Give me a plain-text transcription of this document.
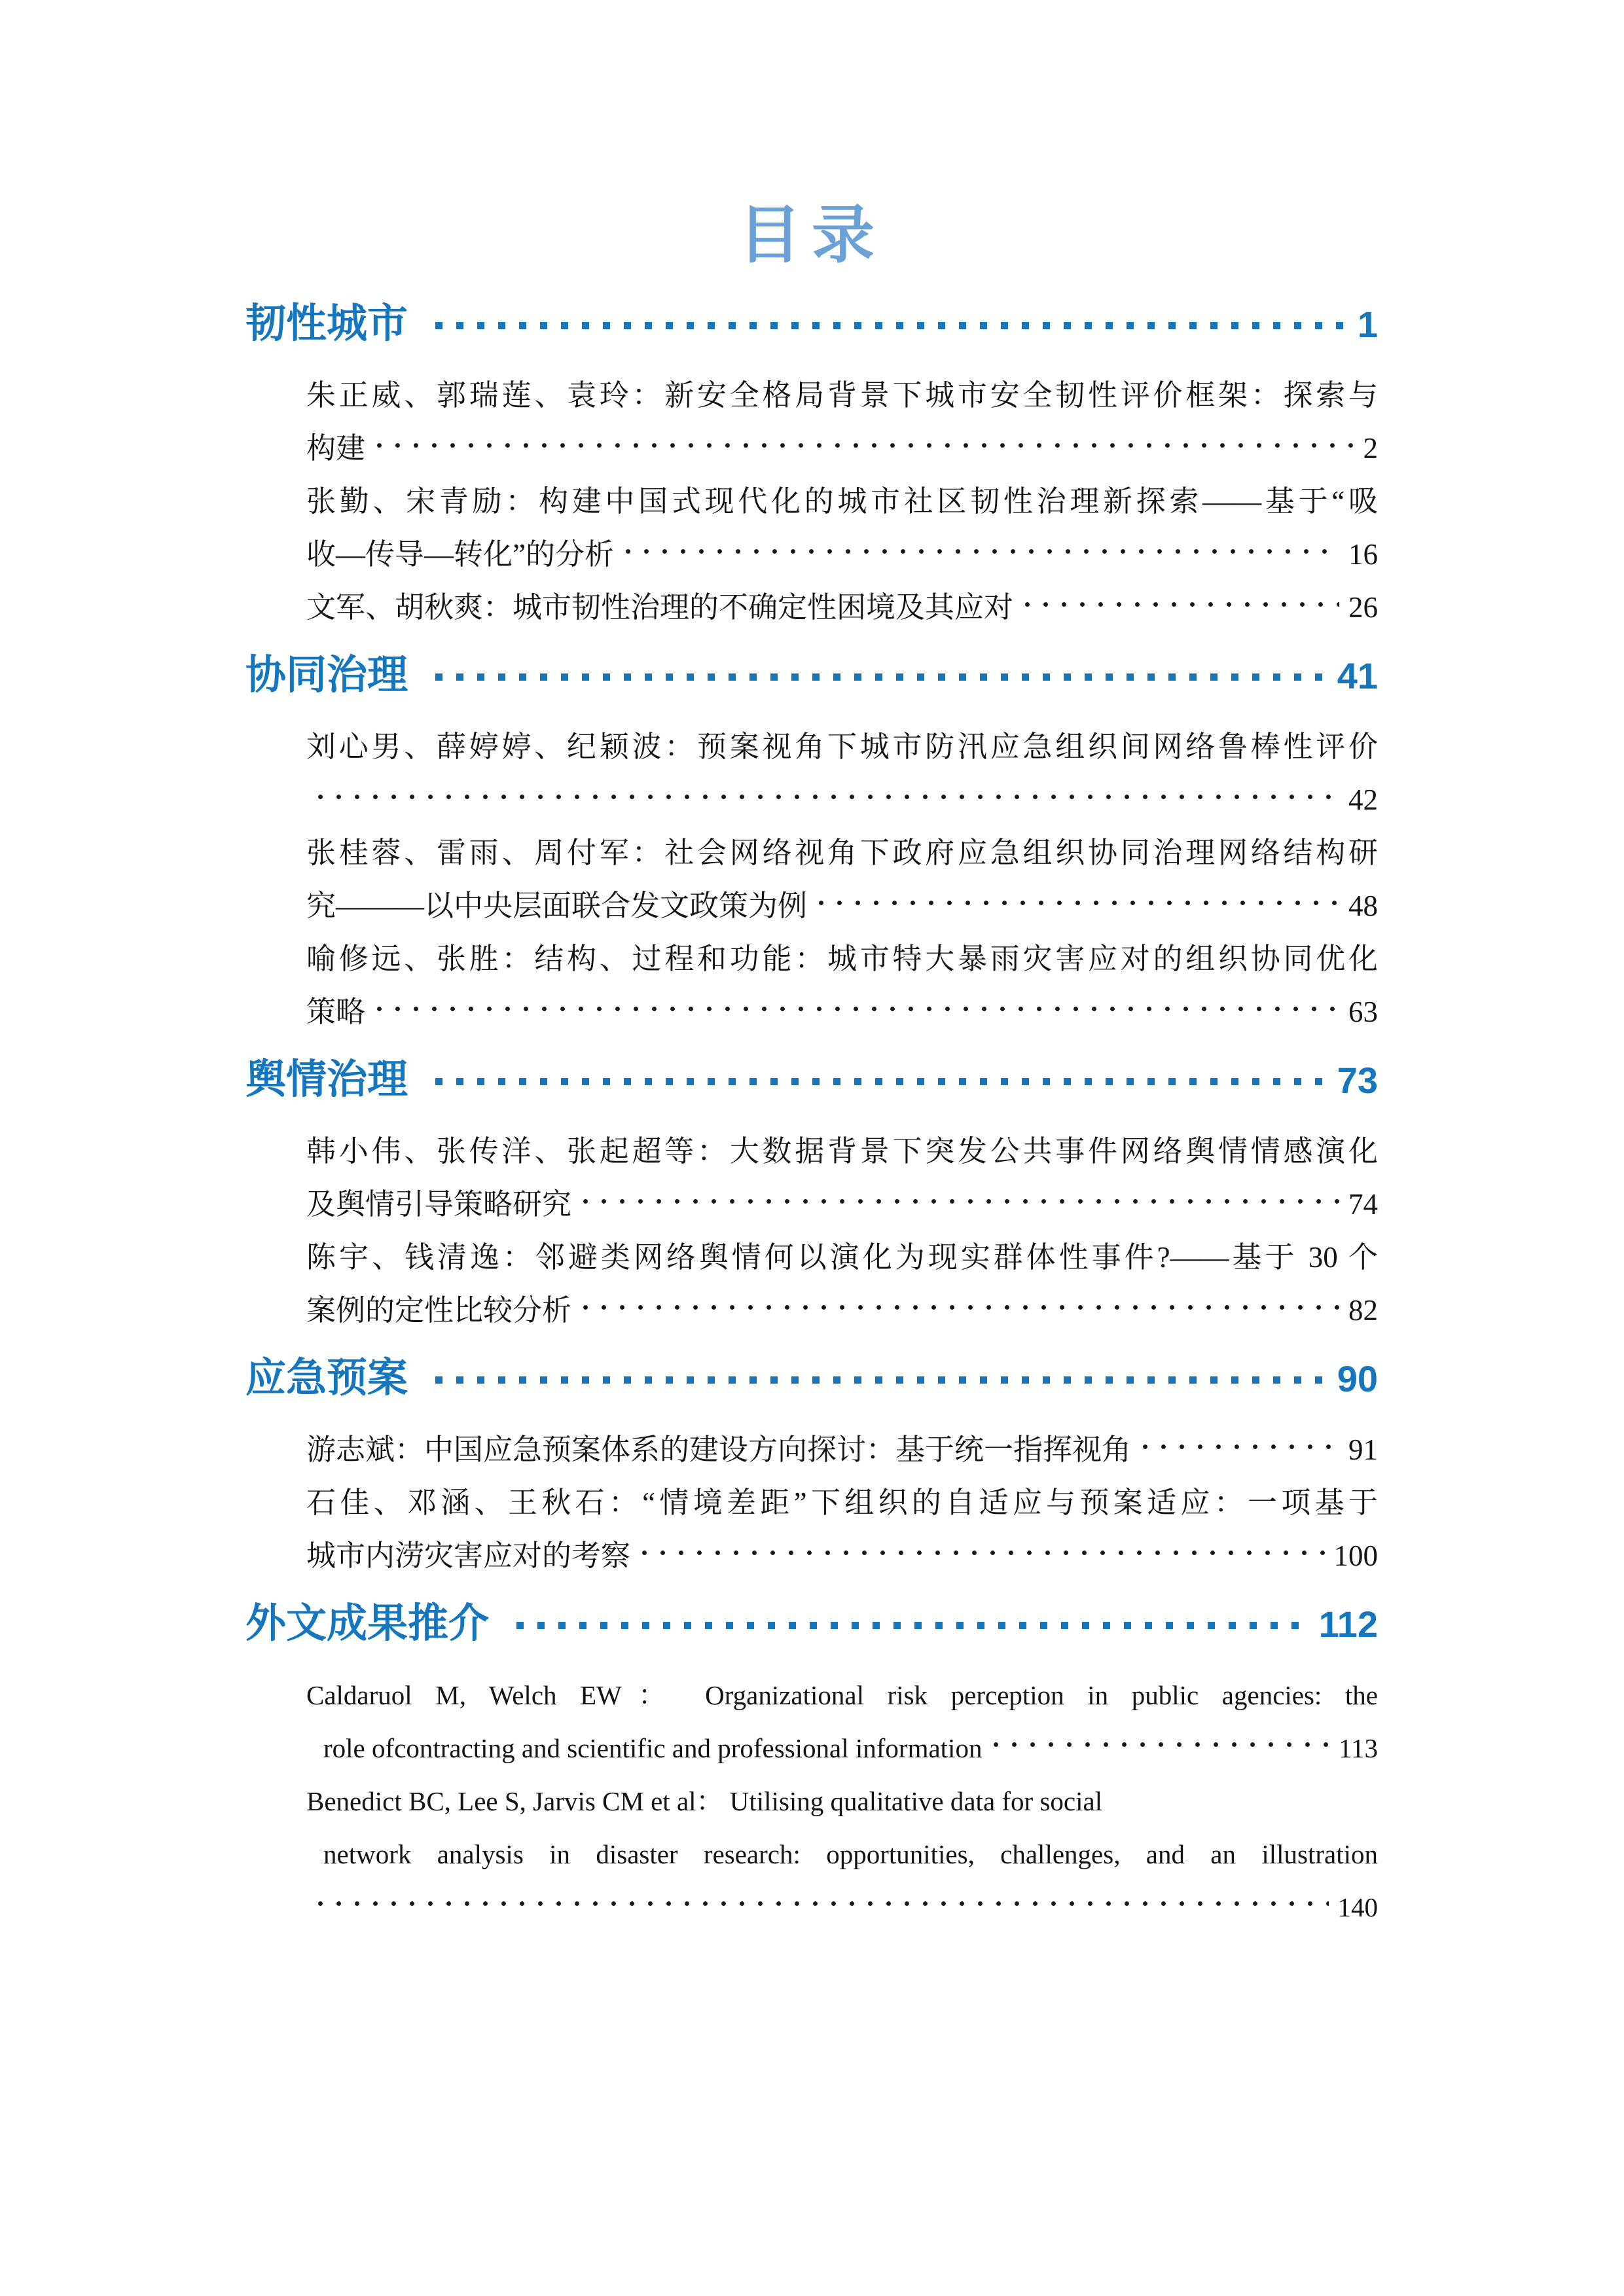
目录
韧性城市	1
朱正威、郭瑞莲、袁玲：新安全格局背景下城市安全韧性评价框架：探索与
构建	2
张勤、宋青励：构建中国式现代化的城市社区韧性治理新探索——基于“吸
收—传导—转化”的分析	16
文军、胡秋爽：城市韧性治理的不确定性困境及其应对	26
协同治理	41
刘心男、薛婷婷、纪颖波：预案视角下城市防汛应急组织间网络鲁棒性评价
42
张桂蓉、雷雨、周付军：社会网络视角下政府应急组织协同治理网络结构研
究———以中央层面联合发文政策为例	48
喻修远、张胜：结构、过程和功能：城市特大暴雨灾害应对的组织协同优化
策略	63
舆情治理	73
韩小伟、张传洋、张起超等：大数据背景下突发公共事件网络舆情情感演化
及舆情引导策略研究	74
陈宇、钱清逸：邻避类网络舆情何以演化为现实群体性事件?——基于 30 个
案例的定性比较分析	82
应急预案	90
游志斌：中国应急预案体系的建设方向探讨：基于统一指挥视角	91
石佳、邓涵、王秋石：“情境差距”下组织的自适应与预案适应：一项基于
城市内涝灾害应对的考察	100
外文成果推介	112
Caldaruol M, Welch EW： Organizational risk perception in public agencies: the
role ofcontracting and scientific and professional information	113
Benedict BC, Lee S, Jarvis CM et al： Utilising qualitative data for social
network analysis in disaster research: opportunities, challenges, and an illustration
140
